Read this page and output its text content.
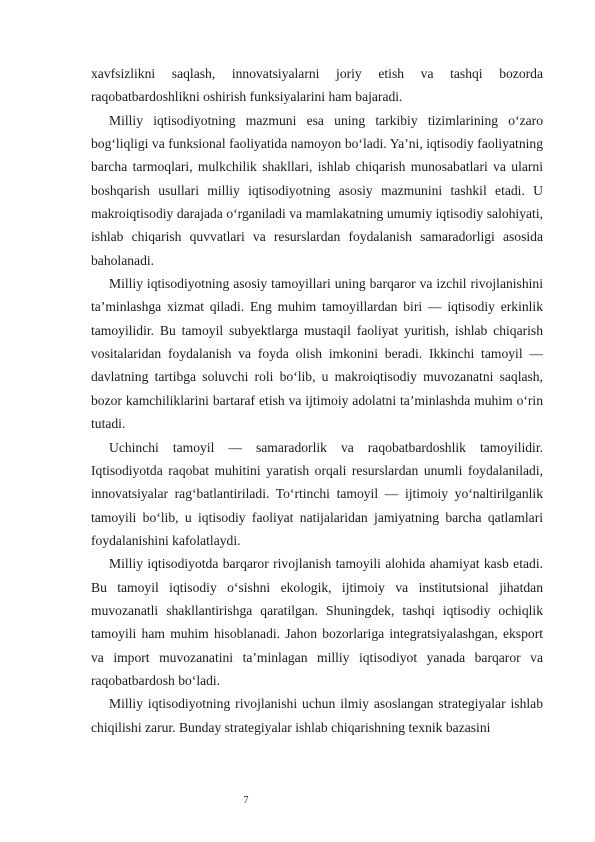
xavfsizlikni saqlash, innovatsiyalarni joriy etish va tashqi bozorda raqobatbardoshlikni oshirish funksiyalarini ham bajaradi.

Milliy iqtisodiyotning mazmuni esa uning tarkibiy tizimlarining o‘zaro bog‘liqligi va funksional faoliyatida namoyon bo‘ladi. Ya’ni, iqtisodiy faoliyatning barcha tarmoqlari, mulkchilik shakllari, ishlab chiqarish munosabatlari va ularni boshqarish usullari milliy iqtisodiyotning asosiy mazmunini tashkil etadi. U makroiqtisodiy darajada o‘rganiladi va mamlakatning umumiy iqtisodiy salohiyati, ishlab chiqarish quvvatlari va resurslardan foydalanish samaradorligi asosida baholanadi.

Milliy iqtisodiyotning asosiy tamoyillari uning barqaror va izchil rivojlanishini ta’minlashga xizmat qiladi. Eng muhim tamoyillardan biri — iqtisodiy erkinlik tamoyilidir. Bu tamoyil subyektlarga mustaqil faoliyat yuritish, ishlab chiqarish vositalaridan foydalanish va foyda olish imkonini beradi. Ikkinchi tamoyil — davlatning tartibga soluvchi roli bo‘lib, u makroiqtisodiy muvozanatni saqlash, bozor kamchiliklarini bartaraf etish va ijtimoiy adolatni ta’minlashda muhim o‘rin tutadi.

Uchinchi tamoyil — samaradorlik va raqobatbardoshlik tamoyilidir. Iqtisodiyotda raqobat muhitini yaratish orqali resurslardan unumli foydalaniladi, innovatsiyalar rag‘batlantiriladi. To‘rtinchi tamoyil — ijtimoiy yo‘naltirilganlik tamoyili bo‘lib, u iqtisodiy faoliyat natijalaridan jamiyatning barcha qatlamlari foydalanishini kafolatlaydi.

Milliy iqtisodiyotda barqaror rivojlanish tamoyili alohida ahamiyat kasb etadi. Bu tamoyil iqtisodiy o‘sishni ekologik, ijtimoiy va institutsional jihatdan muvozanatli shakllantirishga qaratilgan. Shuningdek, tashqi iqtisodiy ochiqlik tamoyili ham muhim hisoblanadi. Jahon bozorlariga integratsiyalashgan, eksport va import muvozanatini ta’minlagan milliy iqtisodiyot yanada barqaror va raqobatbardosh bo‘ladi.

Milliy iqtisodiyotning rivojlanishi uchun ilmiy asoslangan strategiyalar ishlab chiqilishi zarur. Bunday strategiyalar ishlab chiqarishning texnik bazasini

7
